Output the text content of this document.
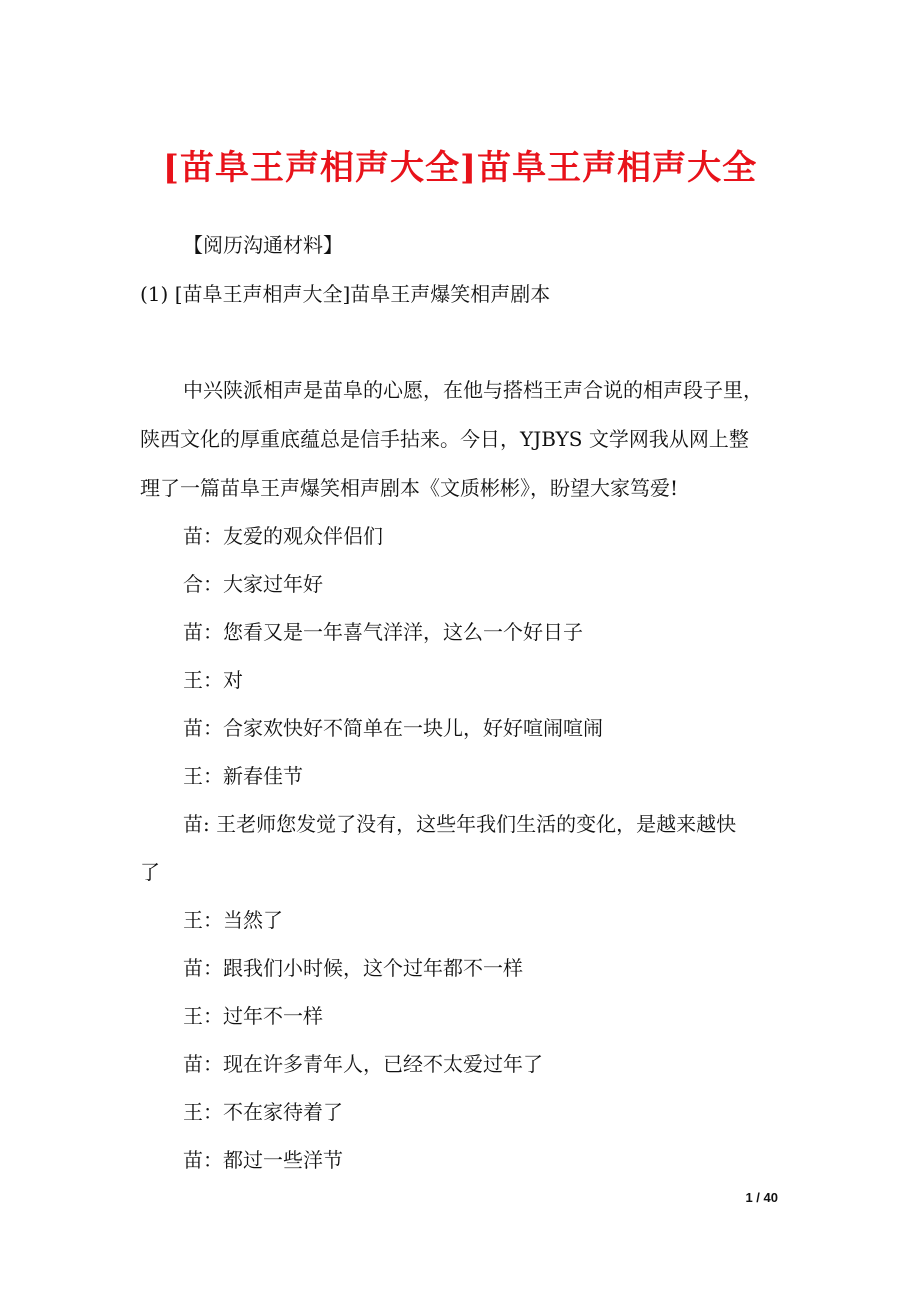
[苗阜王声相声大全]苗阜王声相声大全
【阅历沟通材料】
(1) [苗阜王声相声大全]苗阜王声爆笑相声剧本
中兴陕派相声是苗阜的心愿，在他与搭档王声合说的相声段子里，
陕西文化的厚重底蕴总是信手拈来。今日，YJBYS 文学网我从网上整
理了一篇苗阜王声爆笑相声剧本《文质彬彬》，盼望大家笃爱!
苗：友爱的观众伴侣们
合：大家过年好
苗：您看又是一年喜气洋洋，这么一个好日子
王：对
苗：合家欢快好不简单在一块儿，好好喧闹喧闹
王：新春佳节
苗: 王老师您发觉了没有，这些年我们生活的变化，是越来越快
了
王：当然了
苗：跟我们小时候，这个过年都不一样
王：过年不一样
苗：现在许多青年人，已经不太爱过年了
王：不在家待着了
苗：都过一些洋节
1 / 40
